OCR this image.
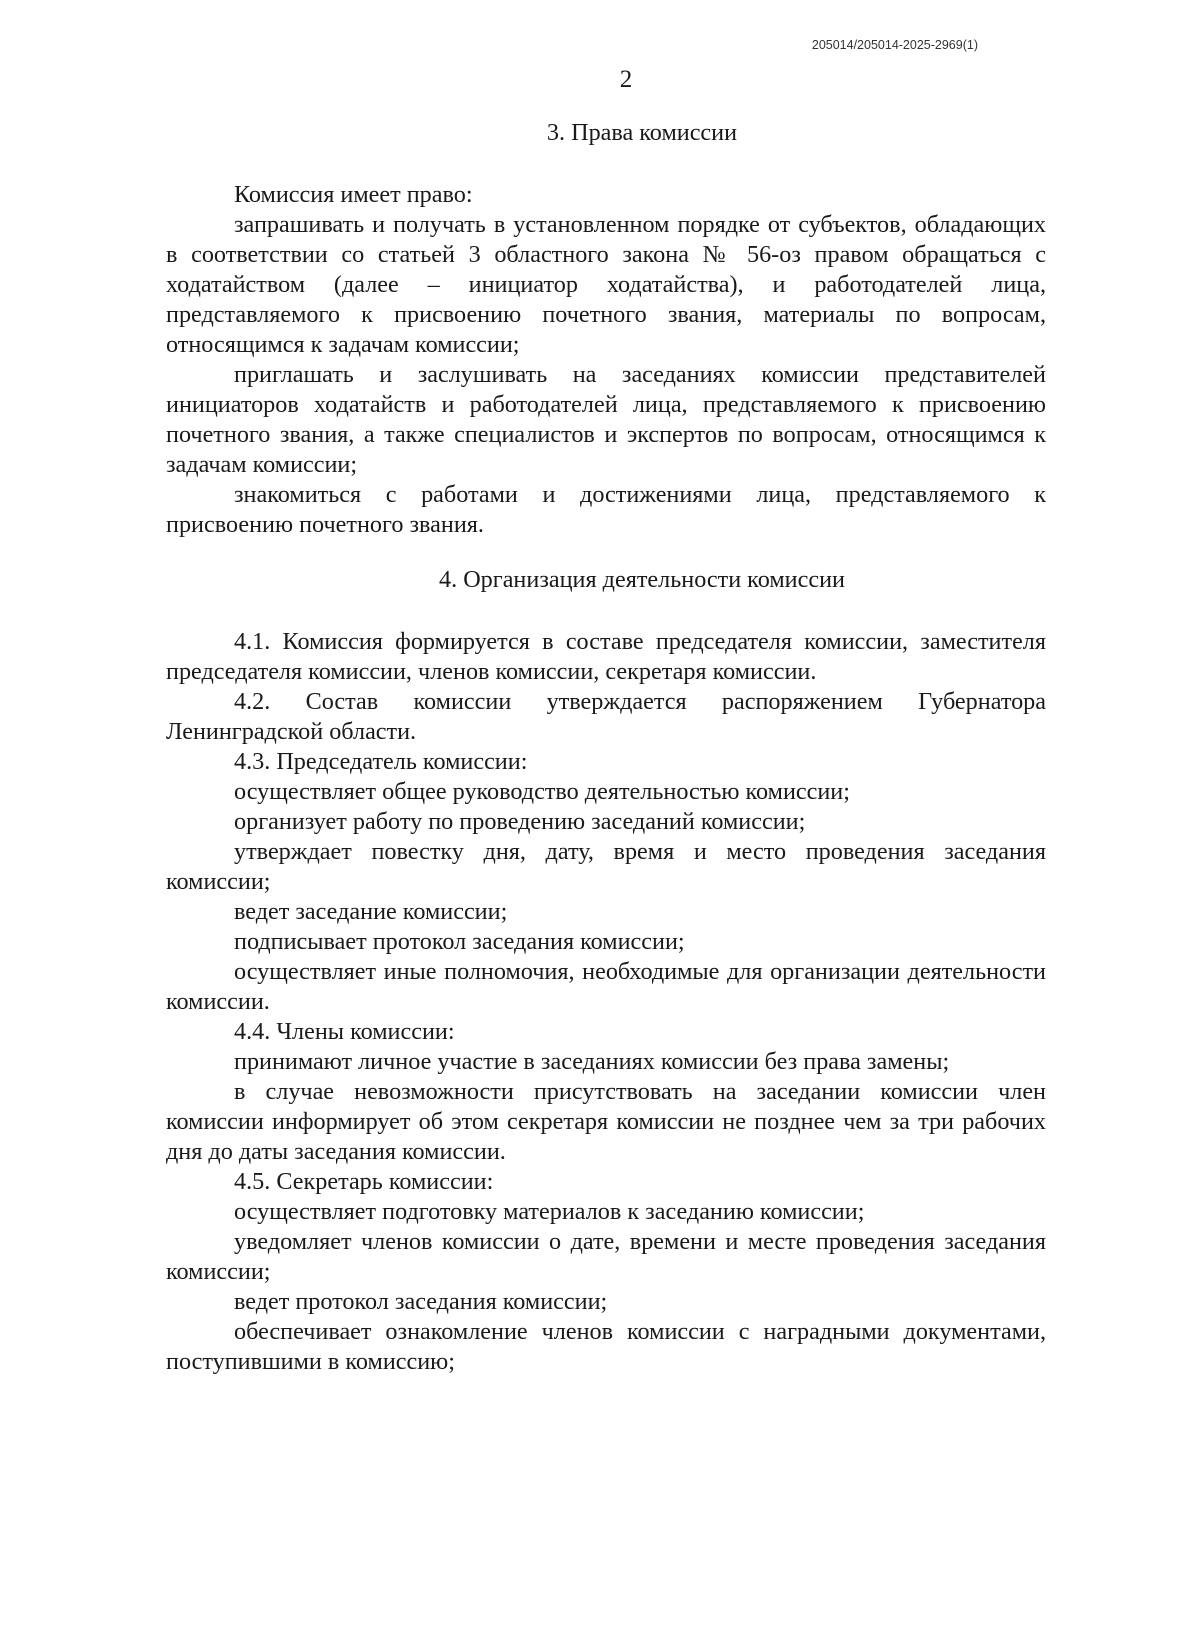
205014/205014-2025-2969(1)
2
3. Права комиссии

Комиссия имеет право:

запрашивать и получать в установленном порядке от субъектов, обладающих в соответствии со статьей 3 областного закона № 56-оз правом обращаться с ходатайством (далее – инициатор ходатайства), и работодателей лица, представляемого к присвоению почетного звания, материалы по вопросам, относящимся к задачам комиссии;

приглашать и заслушивать на заседаниях комиссии представителей инициаторов ходатайств и работодателей лица, представляемого к присвоению почетного звания, а также специалистов и экспертов по вопросам, относящимся к задачам комиссии;

знакомиться с работами и достижениями лица, представляемого к присвоению почетного звания.

4. Организация деятельности комиссии

4.1. Комиссия формируется в составе председателя комиссии, заместителя председателя комиссии, членов комиссии, секретаря комиссии.

4.2. Состав комиссии утверждается распоряжением Губернатора Ленинградской области.

4.3. Председатель комиссии:

осуществляет общее руководство деятельностью комиссии;

организует работу по проведению заседаний комиссии;

утверждает повестку дня, дату, время и место проведения заседания комиссии;

ведет заседание комиссии;

подписывает протокол заседания комиссии;

осуществляет иные полномочия, необходимые для организации деятельности комиссии.

4.4. Члены комиссии:

принимают личное участие в заседаниях комиссии без права замены;

в случае невозможности присутствовать на заседании комиссии член комиссии информирует об этом секретаря комиссии не позднее чем за три рабочих дня до даты заседания комиссии.

4.5. Секретарь комиссии:

осуществляет подготовку материалов к заседанию комиссии;

уведомляет членов комиссии о дате, времени и месте проведения заседания комиссии;

ведет протокол заседания комиссии;

обеспечивает ознакомление членов комиссии с наградными документами, поступившими в комиссию;
